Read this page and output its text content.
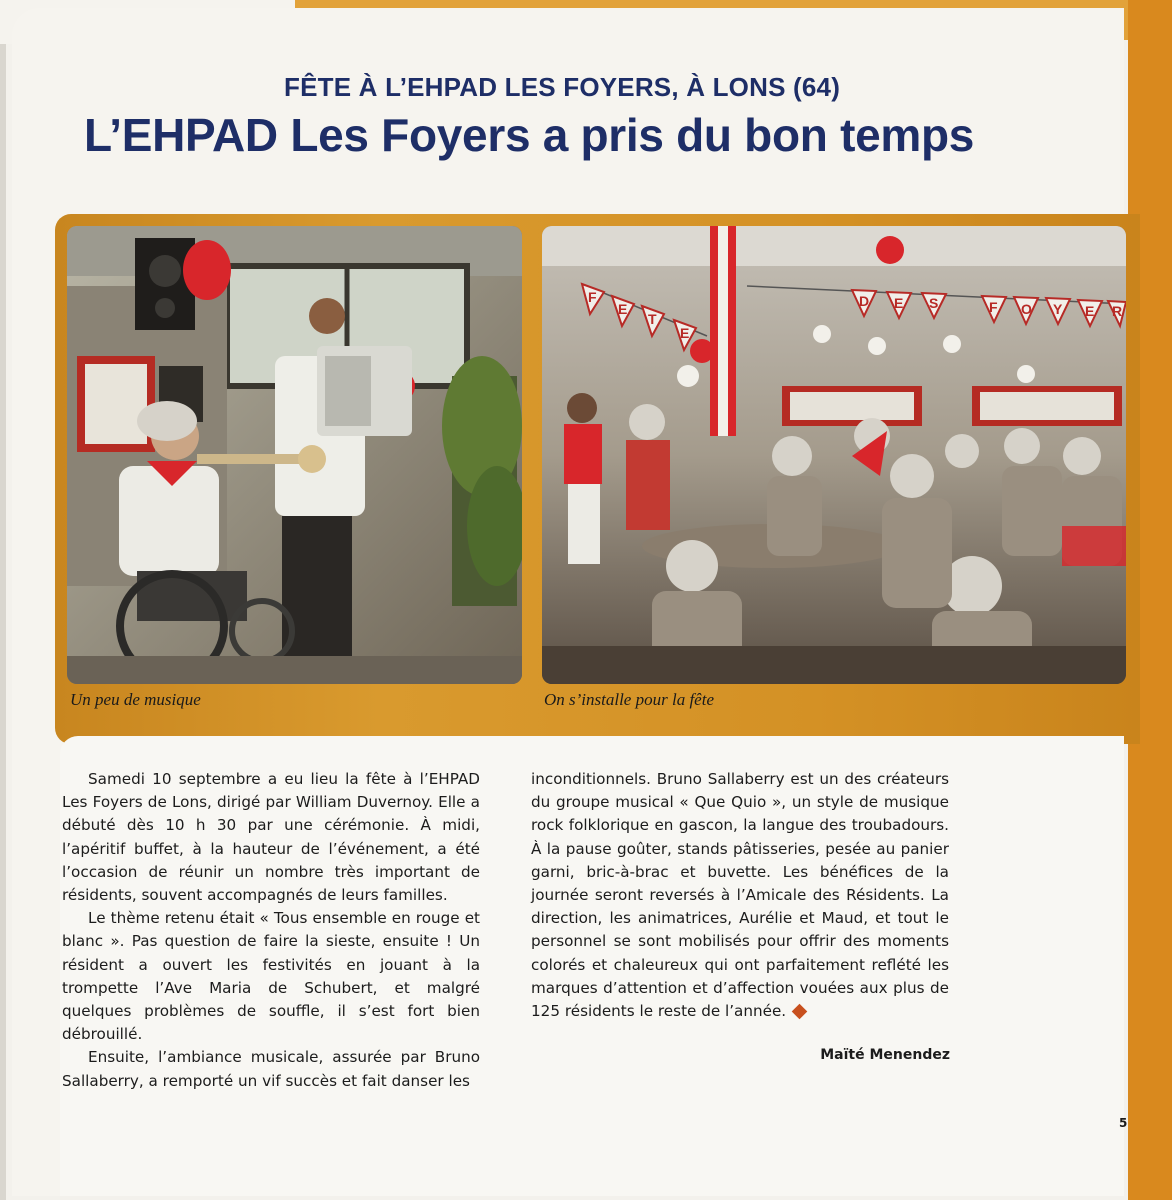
FÊTE À L’EHPAD LES FOYERS, À LONS (64)
L’EHPAD Les Foyers a pris du bon temps
F
E
T
E
D E S	F O Y E R
Un peu de musique	On s’installe pour la fête

Samedi 10 septembre a eu lieu la fête à l’EHPAD Les Foyers de Lons, dirigé par William Duvernoy. Elle a débuté dès 10 h 30 par une cérémonie. À midi, l’apéritif buffet, à la hauteur de l’événement, a été l’occasion de réunir un nombre très important de résidents, souvent accompagnés de leurs familles.

Le thème retenu était « Tous ensemble en rouge et blanc ». Pas question de faire la sieste, ensuite ! Un résident a ouvert les festivités en jouant à la trompette l’Ave Maria de Schubert, et malgré quelques problèmes de souffle, il s’est fort bien débrouillé.

Ensuite, l’ambiance musicale, assurée par Bruno Sallaberry, a remporté un vif succès et fait danser les

inconditionnels. Bruno Sallaberry est un des créateurs du groupe musical « Que Quio », un style de musique rock folklorique en gascon, la langue des troubadours. À la pause goûter, stands pâtisseries, pesée au panier garni, bric-à-brac et buvette. Les bénéfices de la journée seront reversés à l’Amicale des Résidents. La direction, les animatrices, Aurélie et Maud, et tout le personnel se sont mobilisés pour offrir des moments colorés et chaleureux qui ont parfaitement reflété les marques d’attention et d’affection vouées aux plus de 125 résidents le reste de l’année.

Maïté Menendez
5
